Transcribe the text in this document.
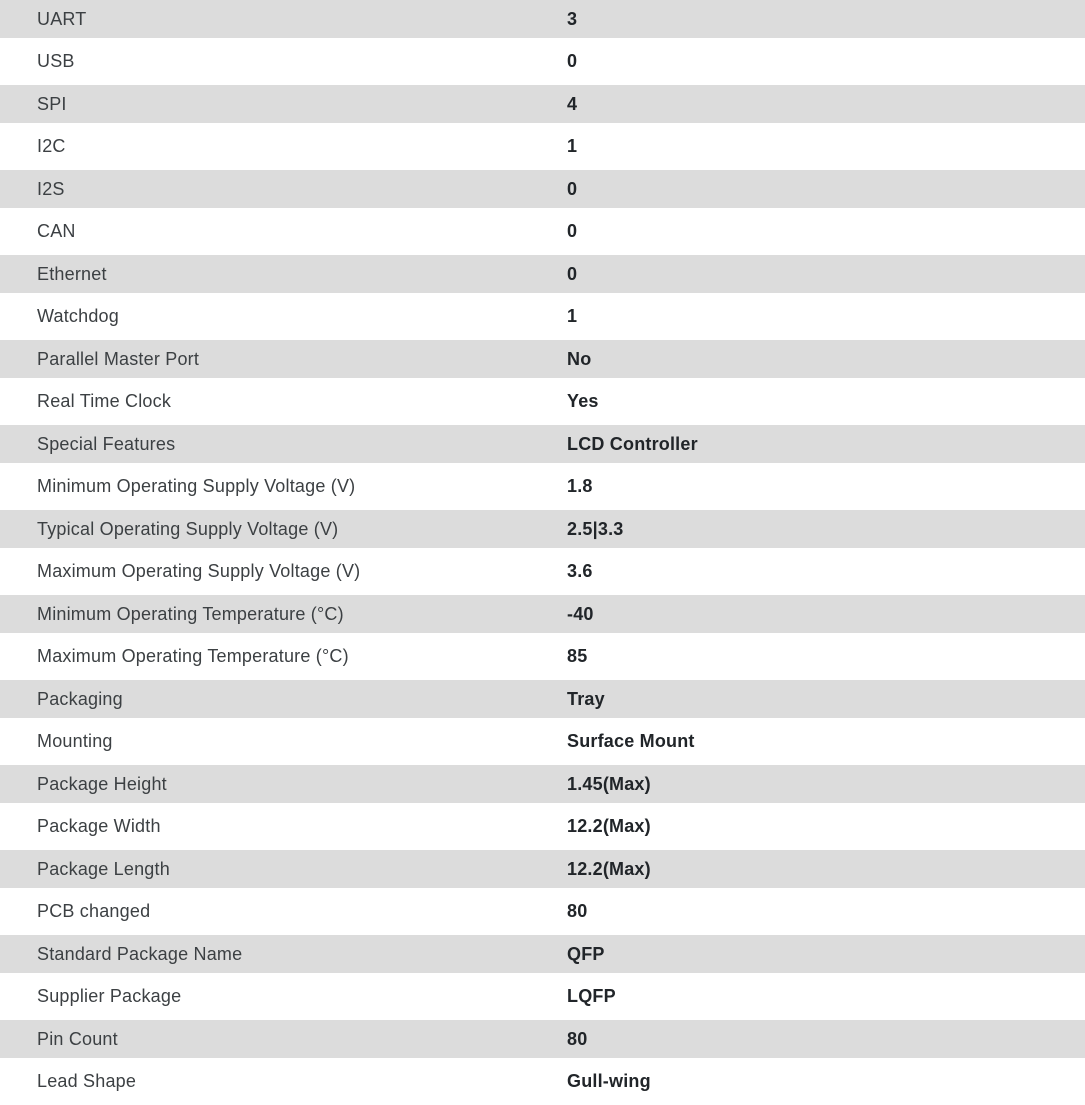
UART	3
USB	0
SPI	4
I2C	1
I2S	0
CAN	0
Ethernet	0
Watchdog	1
Parallel Master Port	No
Real Time Clock	Yes
Special Features	LCD Controller
Minimum Operating Supply Voltage (V)	1.8
Typical Operating Supply Voltage (V)	2.5|3.3
Maximum Operating Supply Voltage (V)	3.6
Minimum Operating Temperature (°C)	-40
Maximum Operating Temperature (°C)	85
Packaging	Tray
Mounting	Surface Mount
Package Height	1.45(Max)
Package Width	12.2(Max)
Package Length	12.2(Max)
PCB changed	80
Standard Package Name	QFP
Supplier Package	LQFP
Pin Count	80
Lead Shape	Gull-wing
